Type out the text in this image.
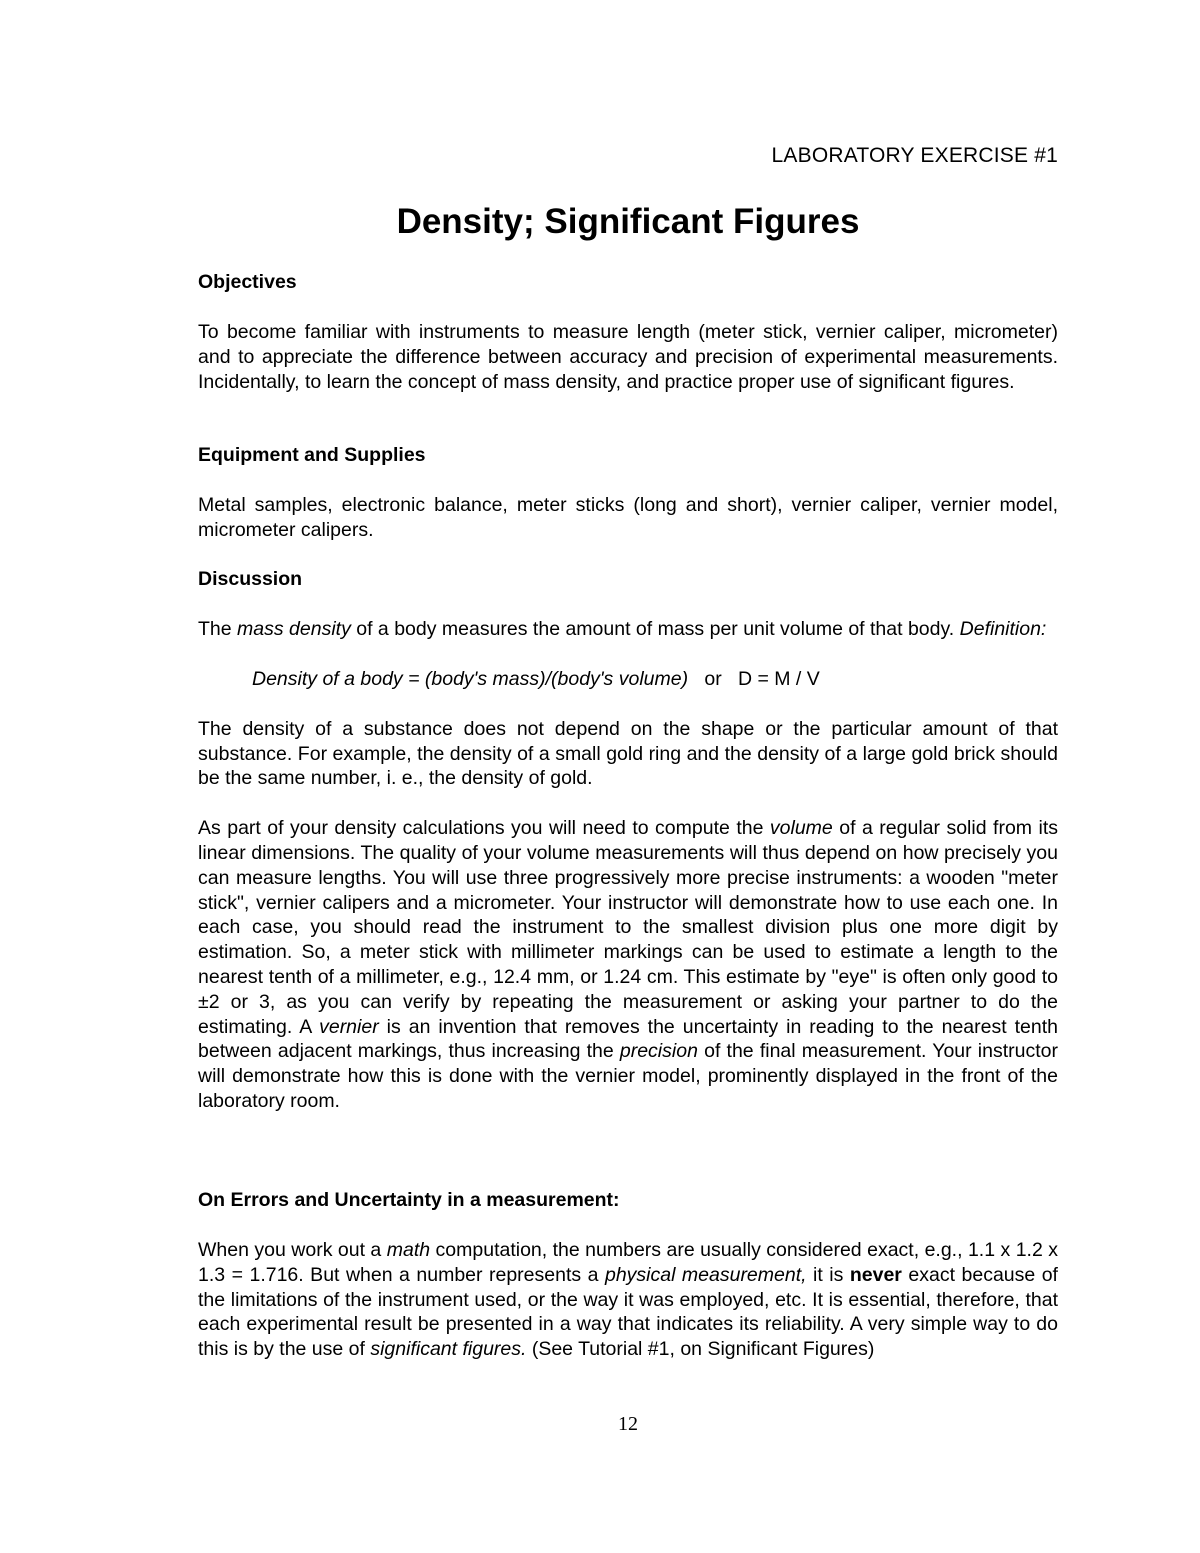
LABORATORY EXERCISE #1
Density; Significant Figures
Objectives
To become familiar with instruments to measure length (meter stick, vernier caliper, micrometer) and to appreciate the difference between accuracy and precision of experimental measurements. Incidentally, to learn the concept of mass density, and practice proper use of significant figures.
Equipment and Supplies
Metal samples, electronic balance, meter sticks (long and short), vernier caliper, vernier model, micrometer calipers.
Discussion
The mass density of a body measures the amount of mass per unit volume of that body. Definition:
Density of a body = (body's mass)/(body's volume)   or   D = M / V
The density of a substance does not depend on the shape or the particular amount of that substance. For example, the density of a small gold ring and the density of a large gold brick should be the same number, i. e., the density of gold.
As part of your density calculations you will need to compute the volume of a regular solid from its linear dimensions. The quality of your volume measurements will thus depend on how precisely you can measure lengths. You will use three progressively more precise instruments: a wooden "meter stick", vernier calipers and a micrometer. Your instructor will demonstrate how to use each one. In each case, you should read the instrument to the smallest division plus one more digit by estimation. So, a meter stick with millimeter markings can be used to estimate a length to the nearest tenth of a millimeter, e.g., 12.4 mm, or 1.24 cm. This estimate by "eye" is often only good to ±2 or 3, as you can verify by repeating the measurement or asking your partner to do the estimating. A vernier is an invention that removes the uncertainty in reading to the nearest tenth between adjacent markings, thus increasing the precision of the final measurement. Your instructor will demonstrate how this is done with the vernier model, prominently displayed in the front of the laboratory room.
On Errors and Uncertainty in a measurement:
When you work out a math computation, the numbers are usually considered exact, e.g., 1.1 x 1.2 x 1.3 = 1.716. But when a number represents a physical measurement, it is never exact because of the limitations of the instrument used, or the way it was employed, etc. It is essential, therefore, that each experimental result be presented in a way that indicates its reliability. A very simple way to do this is by the use of significant figures. (See Tutorial #1, on Significant Figures)
12
